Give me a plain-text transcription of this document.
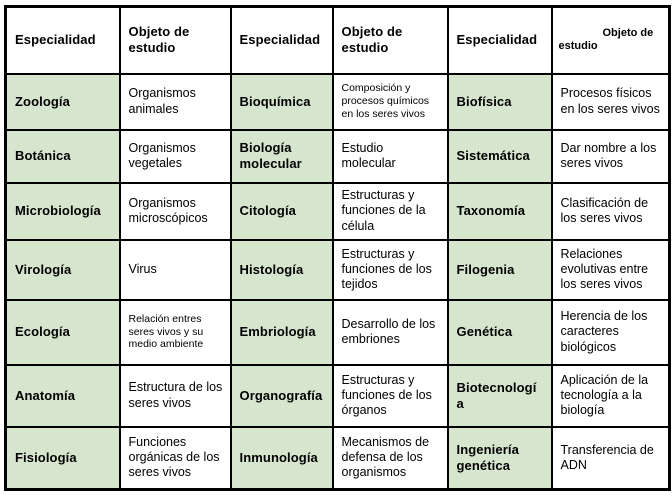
Especialidad	Objeto de estudio	Especialidad	Objeto de estudio	Especialidad	Objeto de
estudio

Zoología	Organismos animales	Bioquímica	Composición y procesos químicos en los seres vivos	Biofísica	Procesos físicos en los seres vivos
Botánica	Organismos vegetales	Biología molecular	Estudio molecular	Sistemática	Dar nombre a los seres vivos
Microbiología	Organismos microscópicos	Citología	Estructuras y funciones de la célula	Taxonomía	Clasificación de los seres vivos
Virología	Virus	Histología	Estructuras y funciones de los tejidos	Filogenia	Relaciones evolutivas entre los seres vivos
Ecología	Relación entres seres vivos y su medio ambiente	Embriología	Desarrollo de los embriones	Genética	Herencia de los caracteres biológicos
Anatomía	Estructura de los seres vivos	Organografía	Estructuras y funciones de los órganos	Biotecnología	Aplicación de la tecnología a la biología
Fisiología	Funciones orgánicas de los seres vivos	Inmunología	Mecanismos de defensa de los organismos	Ingeniería genética	Transferencia de ADN
